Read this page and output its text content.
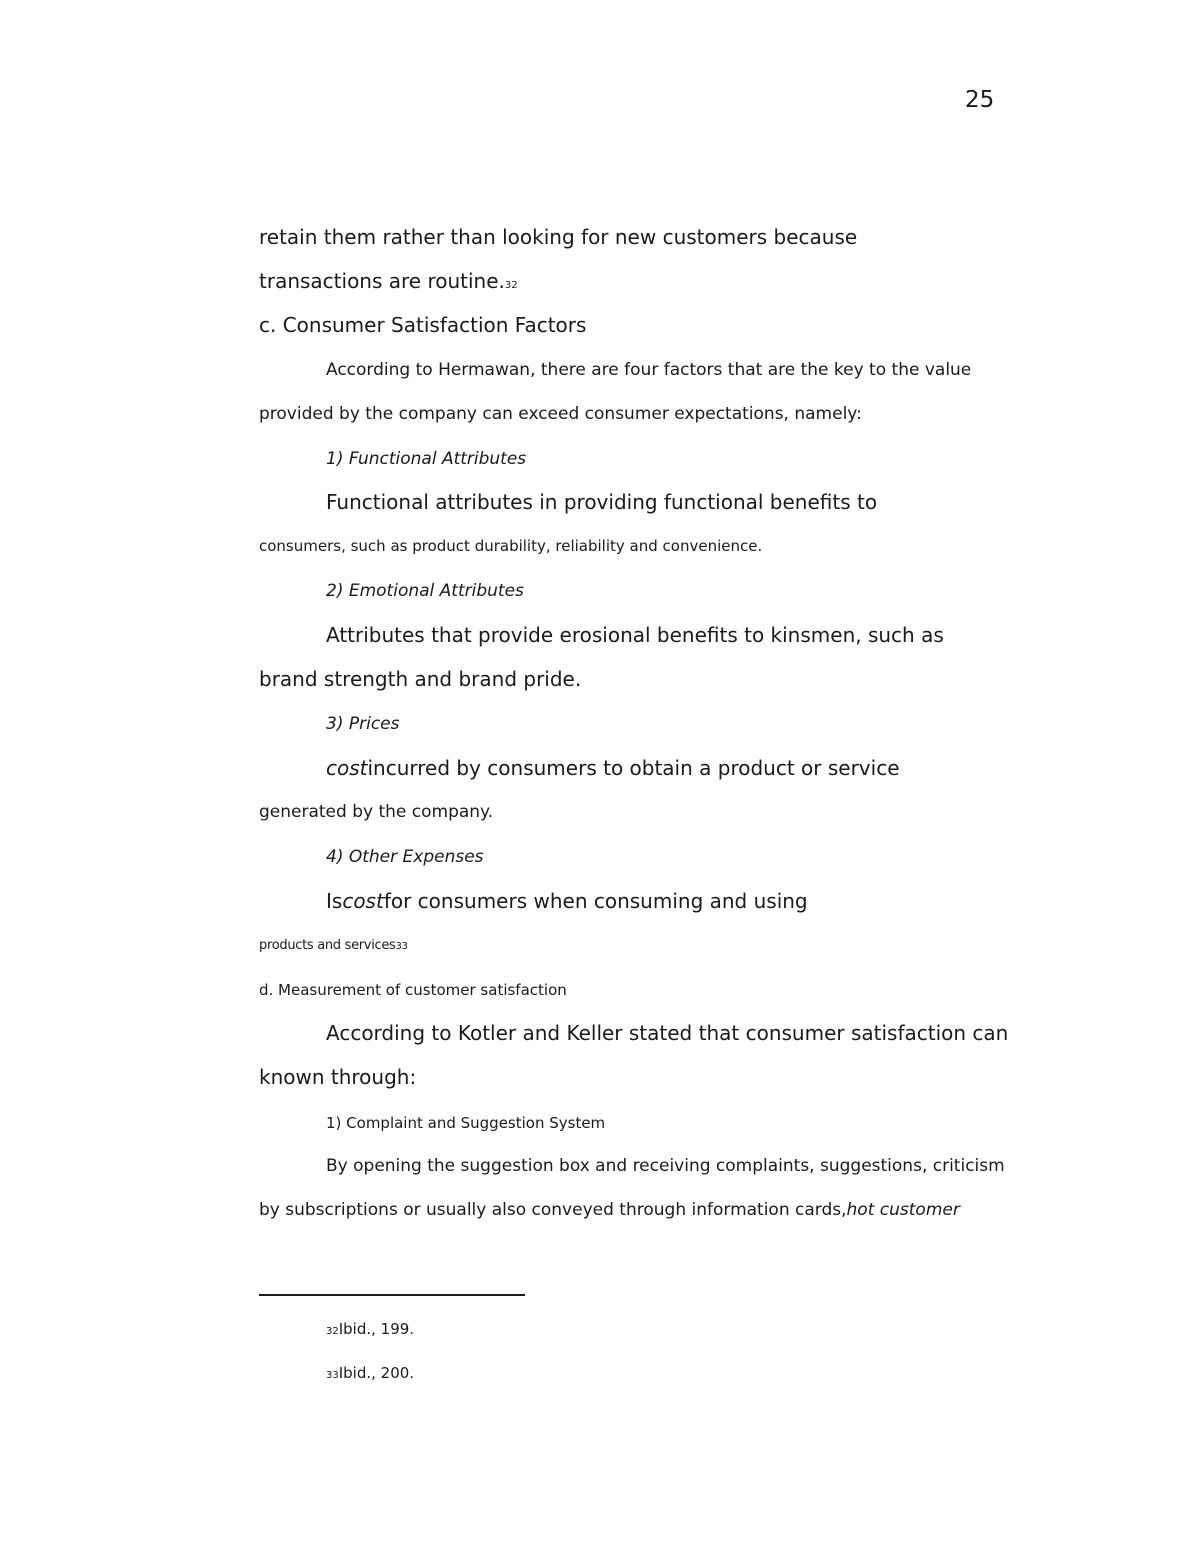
25
retain them rather than looking for new customers because
transactions are routine.32
c. Consumer Satisfaction Factors
According to Hermawan, there are four factors that are the key to the value
provided by the company can exceed consumer expectations, namely:
1) Functional Attributes
Functional attributes in providing functional benefits to
consumers, such as product durability, reliability and convenience.
2) Emotional Attributes
Attributes that provide erosional benefits to kinsmen, such as
brand strength and brand pride.
3) Prices
costincurred by consumers to obtain a product or service
generated by the company.
4) Other Expenses
Iscostfor consumers when consuming and using
products and services33
d. Measurement of customer satisfaction
According to Kotler and Keller stated that consumer satisfaction can
known through:
1) Complaint and Suggestion System
By opening the suggestion box and receiving complaints, suggestions, criticism
by subscriptions or usually also conveyed through information cards,hot customer
32Ibid., 199.
33Ibid., 200.
